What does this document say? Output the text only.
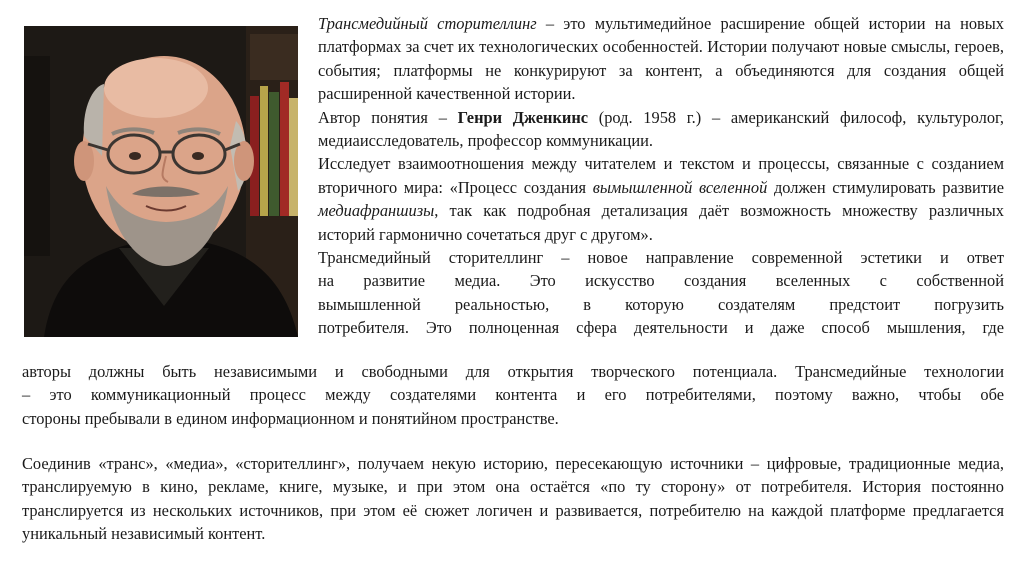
Трансмедийный сторителлинг – это мультимедийное расширение общей истории на новых платформах за счет их технологических особенностей. Истории получают новые смыслы, героев, события; платформы не конкурируют за контент, а объединяются для создания общей расширенной качественной истории.

Автор понятия – Генри Дженкинс (род. 1958 г.) – американский философ, культуролог, медиаисследователь, профессор коммуникации.

Исследует взаимоотношения между читателем и текстом и процессы, связанные с созданием вторичного мира: «Процесс создания вымышленной вселенной должен стимулировать развитие медиафраншизы, так как подробная детализация даёт возможность множеству различных историй гармонично сочетаться друг с другом».

Трансмедийный сторителлинг – новое направление современной эстетики и ответ
на развитие медиа. Это искусство создания вселенных с собственной
вымышленной реальностью, в которую создателям предстоит погрузить
потребителя. Это полноценная сфера деятельности и даже способ мышления, где
авторы должны быть независимыми и свободными для открытия творческого потенциала. Трансмедийные технологии
– это коммуникационный процесс между создателями контента и его потребителями, поэтому важно, чтобы обе
стороны пребывали в едином информационном и понятийном пространстве.

Соединив «транс», «медиа», «сторителлинг», получаем некую историю, пересекающую источники – цифровые, традиционные медиа, транслируемую в кино, рекламе, книге, музыке, и при этом она остаётся «по ту сторону» от потребителя. История постоянно транслируется из нескольких источников, при этом её сюжет логичен и развивается, потребителю на каждой платформе предлагается уникальный независимый контент.
